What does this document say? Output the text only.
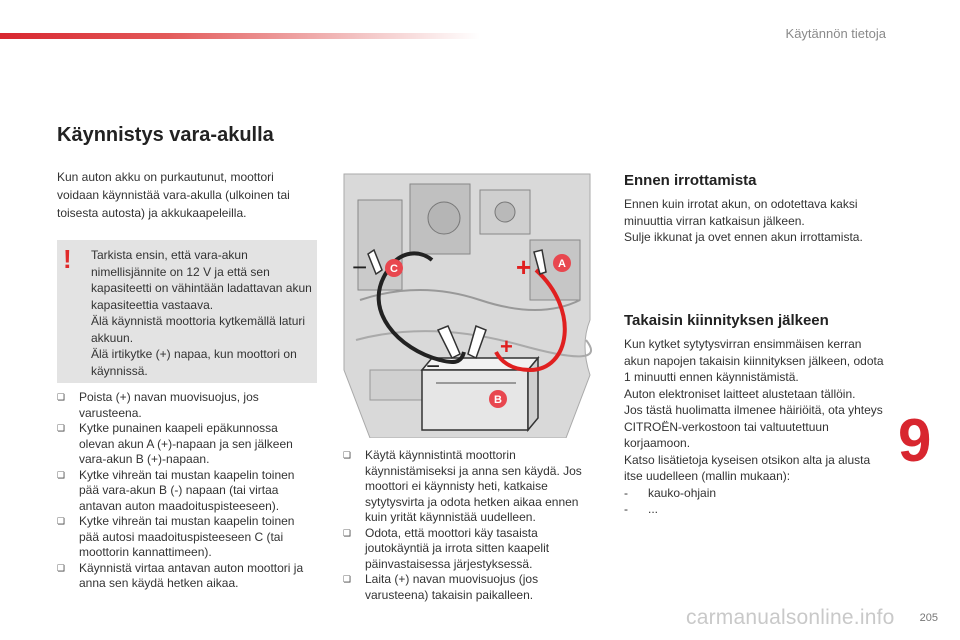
Käytännön tietoja
Käynnistys vara-akulla

Kun auton akku on purkautunut, moottori voidaan käynnistää vara-akulla (ulkoinen tai toisesta autosta) ja akkukaapeleilla.

! Tarkista ensin, että vara-akun nimellisjännite on 12 V ja että sen kapasiteetti on vähintään ladattavan akun kapasiteettia vastaava.

Älä käynnistä moottoria kytkemällä laturi akkuun.

Älä irtikytke (+) napaa, kun moottori on käynnissä.

❏ Poista (+) navan muovisuojus, jos varusteena.
❏ Kytke punainen kaapeli epäkunnossa olevan akun A (+)-napaan ja sen jälkeen vara-akun B (+)-napaan.
❏ Kytke vihreän tai mustan kaapelin toinen pää vara-akun B (-) napaan (tai virtaa antavan auton maadoituspisteeseen).
❏ Kytke vihreän tai mustan kaapelin toinen pää autosi maadoituspisteeseen C (tai moottorin kannattimeen).
❏ Käynnistä virtaa antavan auton moottori ja anna sen käydä hetken aikaa.
C	A
B
−	+
−
+
❏ Käytä käynnistintä moottorin käynnistämiseksi ja anna sen käydä. Jos moottori ei käynnisty heti, katkaise sytytysvirta ja odota hetken aikaa ennen kuin yrität käynnistää uudelleen.
❏ Odota, että moottori käy tasaista joutokäyntiä ja irrota sitten kaapelit päinvastaisessa järjestyksessä.
❏ Laita (+) navan muovisuojus (jos varusteena) takaisin paikalleen.
Ennen irrottamista

Ennen kuin irrotat akun, on odotettava kaksi minuuttia virran katkaisun jälkeen.

Sulje ikkunat ja ovet ennen akun irrottamista.

Takaisin kiinnityksen jälkeen

Kun kytket sytytysvirran ensimmäisen kerran akun napojen takaisin kiinnityksen jälkeen, odota 1 minuutti ennen käynnistämistä.

Auton elektroniset laitteet alustetaan tällöin.

Jos tästä huolimatta ilmenee häiriöitä, ota yhteys CITROËN-verkostoon tai valtuutettuun korjaamoon.

Katso lisätietoja kyseisen otsikon alta ja alusta itse uudelleen (mallin mukaan):

- kauko-ohjain
- ...
9
carmanualsonline.info 205
